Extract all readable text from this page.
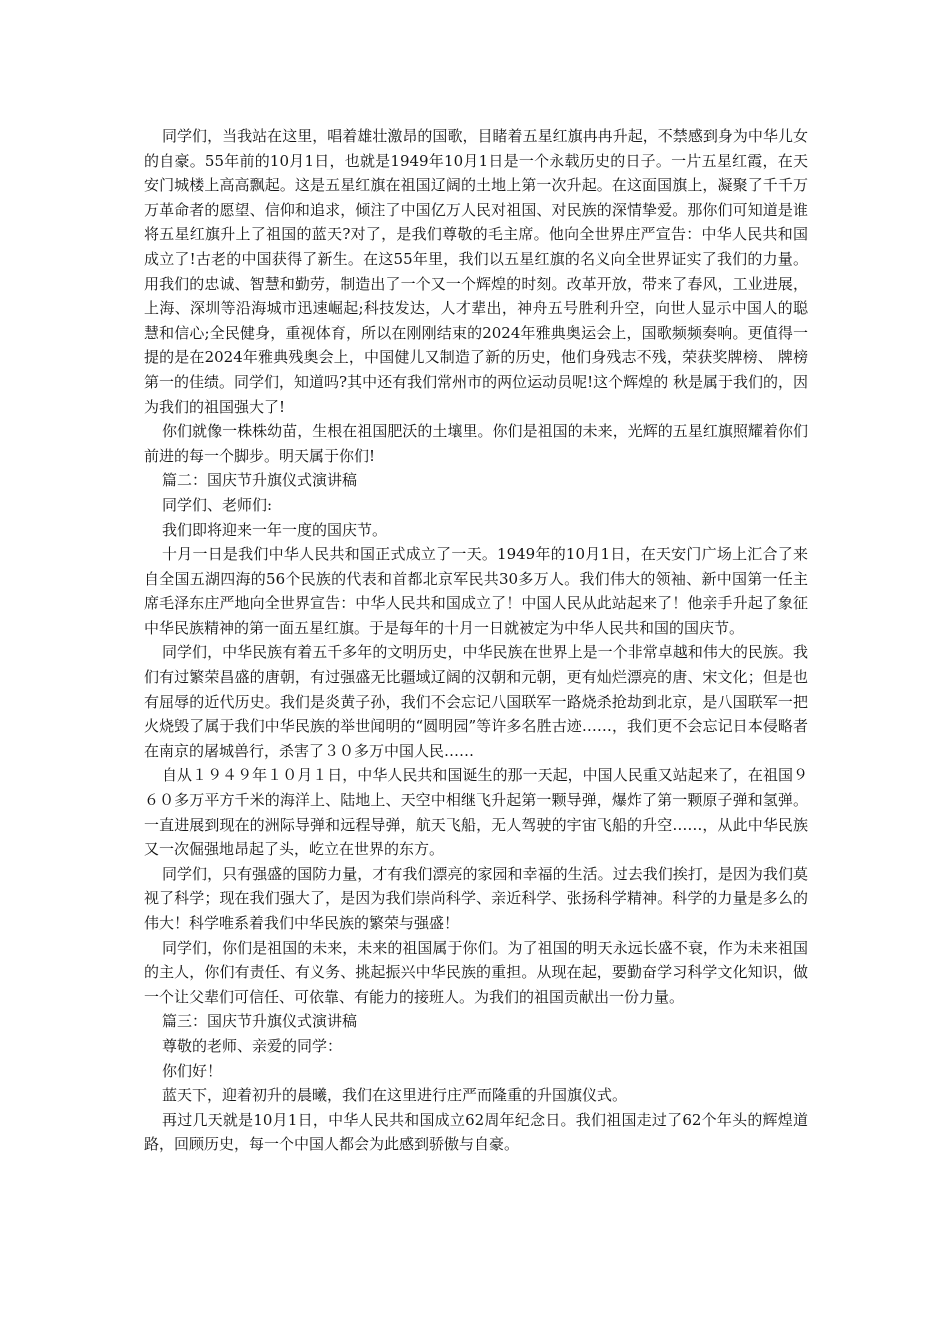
同学们，当我站在这里，唱着雄壮激昂的国歌，目睹着五星红旗冉冉升起，不禁感到身为中华儿女的自豪。55年前的10月1日，也就是1949年10月1日是一个永载历史的日子。一片五星红霞，在天安门城楼上高高飘起。这是五星红旗在祖国辽阔的土地上第一次升起。在这面国旗上，凝聚了千千万万革命者的愿望、信仰和追求，倾注了中国亿万人民对祖国、对民族的深情挚爱。那你们可知道是谁将五星红旗升上了祖国的蓝天?对了，是我们尊敬的毛主席。他向全世界庄严宣告：中华人民共和国成立了!古老的中国获得了新生。在这55年里，我们以五星红旗的名义向全世界证实了我们的力量。用我们的忠诚、智慧和勤劳，制造出了一个又一个辉煌的时刻。改革开放，带来了春风，工业进展，上海、深圳等沿海城市迅速崛起;科技发达，人才辈出，神舟五号胜利升空，向世人显示中国人的聪慧和信心;全民健身，重视体育，所以在刚刚结束的2024年雅典奥运会上，国歌频频奏响。更值得一提的是在2024年雅典残奥会上，中国健儿又制造了新的历史，他们身残志不残，荣获奖牌榜、 牌榜第一的佳绩。同学们，知道吗?其中还有我们常州市的两位运动员呢!这个辉煌的 秋是属于我们的，因为我们的祖国强大了!

你们就像一株株幼苗，生根在祖国肥沃的土壤里。你们是祖国的未来，光辉的五星红旗照耀着你们前进的每一个脚步。明天属于你们!

篇二：国庆节升旗仪式演讲稿

同学们、老师们:

我们即将迎来一年一度的国庆节。

十月一日是我们中华人民共和国正式成立了一天。1949年的10月1日，在天安门广场上汇合了来自全国五湖四海的56个民族的代表和首都北京军民共30多万人。我们伟大的领袖、新中国第一任主席毛泽东庄严地向全世界宣告：中华人民共和国成立了！中国人民从此站起来了！他亲手升起了象征中华民族精神的第一面五星红旗。于是每年的十月一日就被定为中华人民共和国的国庆节。

同学们，中华民族有着五千多年的文明历史，中华民族在世界上是一个非常卓越和伟大的民族。我们有过繁荣昌盛的唐朝，有过强盛无比疆域辽阔的汉朝和元朝，更有灿烂漂亮的唐、宋文化；但是也有屈辱的近代历史。我们是炎黄子孙，我们不会忘记八国联军一路烧杀抢劫到北京，是八国联军一把火烧毁了属于我们中华民族的举世闻明的“圆明园”等许多名胜古迹……，我们更不会忘记日本侵略者在南京的屠城兽行，杀害了３０多万中国人民……

自从１９４９年１０月１日，中华人民共和国诞生的那一天起，中国人民重又站起来了，在祖国９６０多万平方千米的海洋上、陆地上、天空中相继飞升起第一颗导弹，爆炸了第一颗原子弹和氢弹。一直进展到现在的洲际导弹和远程导弹，航天飞船，无人驾驶的宇宙飞船的升空……，从此中华民族又一次倔强地昂起了头，屹立在世界的东方。

同学们，只有强盛的国防力量，才有我们漂亮的家园和幸福的生活。过去我们挨打，是因为我们莫视了科学；现在我们强大了，是因为我们崇尚科学、亲近科学、张扬科学精神。科学的力量是多么的伟大！科学唯系着我们中华民族的繁荣与强盛！

同学们，你们是祖国的未来，未来的祖国属于你们。为了祖国的明天永远长盛不衰，作为未来祖国的主人，你们有责任、有义务、挑起振兴中华民族的重担。从现在起，要勤奋学习科学文化知识，做一个让父辈们可信任、可依靠、有能力的接班人。为我们的祖国贡献出一份力量。

篇三：国庆节升旗仪式演讲稿

尊敬的老师、亲爱的同学：

你们好！

蓝天下，迎着初升的晨曦，我们在这里进行庄严而隆重的升国旗仪式。

再过几天就是10月1日，中华人民共和国成立62周年纪念日。我们祖国走过了62个年头的辉煌道路，回顾历史，每一个中国人都会为此感到骄傲与自豪。
